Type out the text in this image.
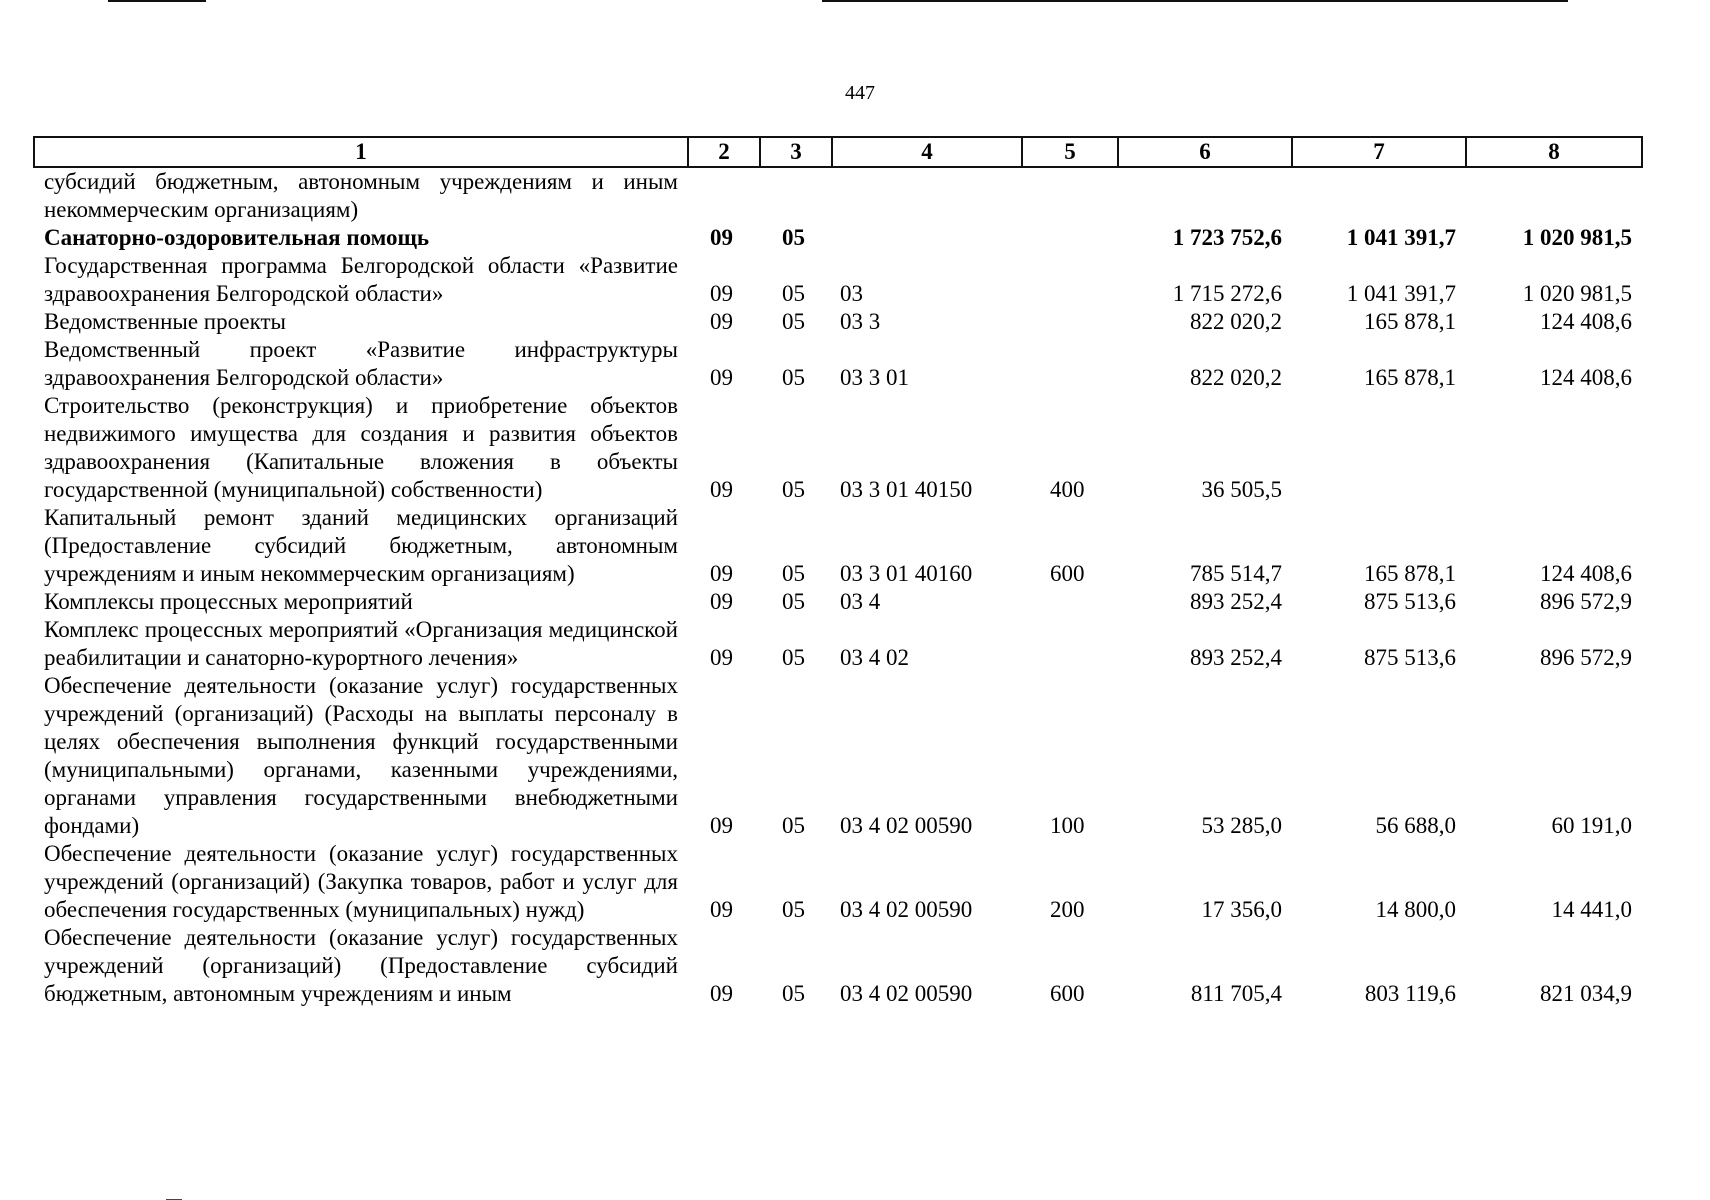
447
1	2	3	4	5	6	7	8
субсидий бюджетным, автономным учреждениям и иным некоммерческим организациям)							
Санаторно-оздоровительная помощь	09	05			1 723 752,6	1 041 391,7	1 020 981,5
Государственная программа Белгородской области «Развитие здравоохранения Белгородской области»	09	05	03		1 715 272,6	1 041 391,7	1 020 981,5
Ведомственные проекты	09	05	03 3		822 020,2	165 878,1	124 408,6
Ведомственный проект «Развитие инфраструктуры здравоохранения Белгородской области»	09	05	03 3 01		822 020,2	165 878,1	124 408,6
Строительство (реконструкция) и приобретение объектов недвижимого имущества для создания и развития объектов здравоохранения (Капитальные вложения в объекты государственной (муниципальной) собственности)	09	05	03 3 01 40150	400	36 505,5		
Капитальный ремонт зданий медицинских организаций (Предоставление субсидий бюджетным, автономным учреждениям и иным некоммерческим организациям)	09	05	03 3 01 40160	600	785 514,7	165 878,1	124 408,6
Комплексы процессных мероприятий	09	05	03 4		893 252,4	875 513,6	896 572,9
Комплекс процессных мероприятий «Организация медицинской реабилитации и санаторно-курортного лечения»	09	05	03 4 02		893 252,4	875 513,6	896 572,9
Обеспечение деятельности (оказание услуг) государственных учреждений (организаций) (Расходы на выплаты персоналу в целях обеспечения выполнения функций государственными (муниципальными) органами, казенными учреждениями, органами управления государственными внебюджетными фондами)	09	05	03 4 02 00590	100	53 285,0	56 688,0	60 191,0
Обеспечение деятельности (оказание услуг) государственных учреждений (организаций) (Закупка товаров, работ и услуг для обеспечения государственных (муниципальных) нужд)	09	05	03 4 02 00590	200	17 356,0	14 800,0	14 441,0
Обеспечение деятельности (оказание услуг) государственных учреждений (организаций) (Предоставление субсидий бюджетным, автономным учреждениям и иным	09	05	03 4 02 00590	600	811 705,4	803 119,6	821 034,9
